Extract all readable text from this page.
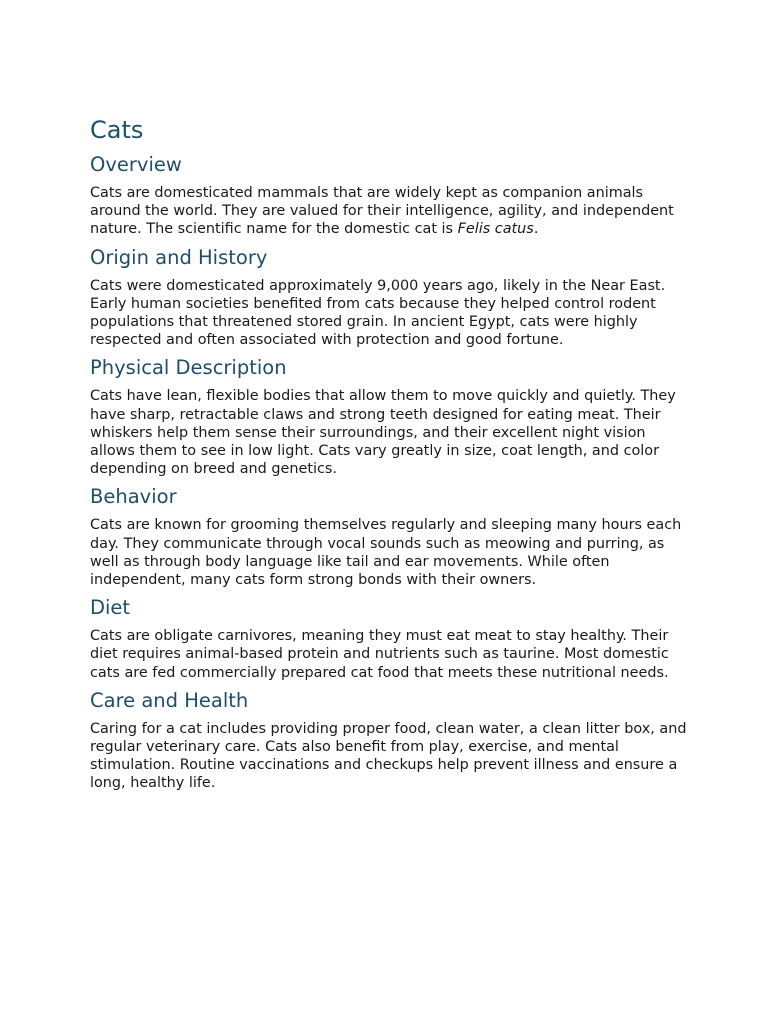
Cats
Overview

Cats are domesticated mammals that are widely kept as companion animals around the world. They are valued for their intelligence, agility, and independent nature. The scientific name for the domestic cat is Felis catus.

Origin and History

Cats were domesticated approximately 9,000 years ago, likely in the Near East. Early human societies benefited from cats because they helped control rodent populations that threatened stored grain. In ancient Egypt, cats were highly respected and often associated with protection and good fortune.

Physical Description

Cats have lean, flexible bodies that allow them to move quickly and quietly. They have sharp, retractable claws and strong teeth designed for eating meat. Their whiskers help them sense their surroundings, and their excellent night vision allows them to see in low light. Cats vary greatly in size, coat length, and color depending on breed and genetics.

Behavior

Cats are known for grooming themselves regularly and sleeping many hours each day. They communicate through vocal sounds such as meowing and purring, as well as through body language like tail and ear movements. While often independent, many cats form strong bonds with their owners.

Diet

Cats are obligate carnivores, meaning they must eat meat to stay healthy. Their diet requires animal-based protein and nutrients such as taurine. Most domestic cats are fed commercially prepared cat food that meets these nutritional needs.

Care and Health

Caring for a cat includes providing proper food, clean water, a clean litter box, and regular veterinary care. Cats also benefit from play, exercise, and mental stimulation. Routine vaccinations and checkups help prevent illness and ensure a long, healthy life.
